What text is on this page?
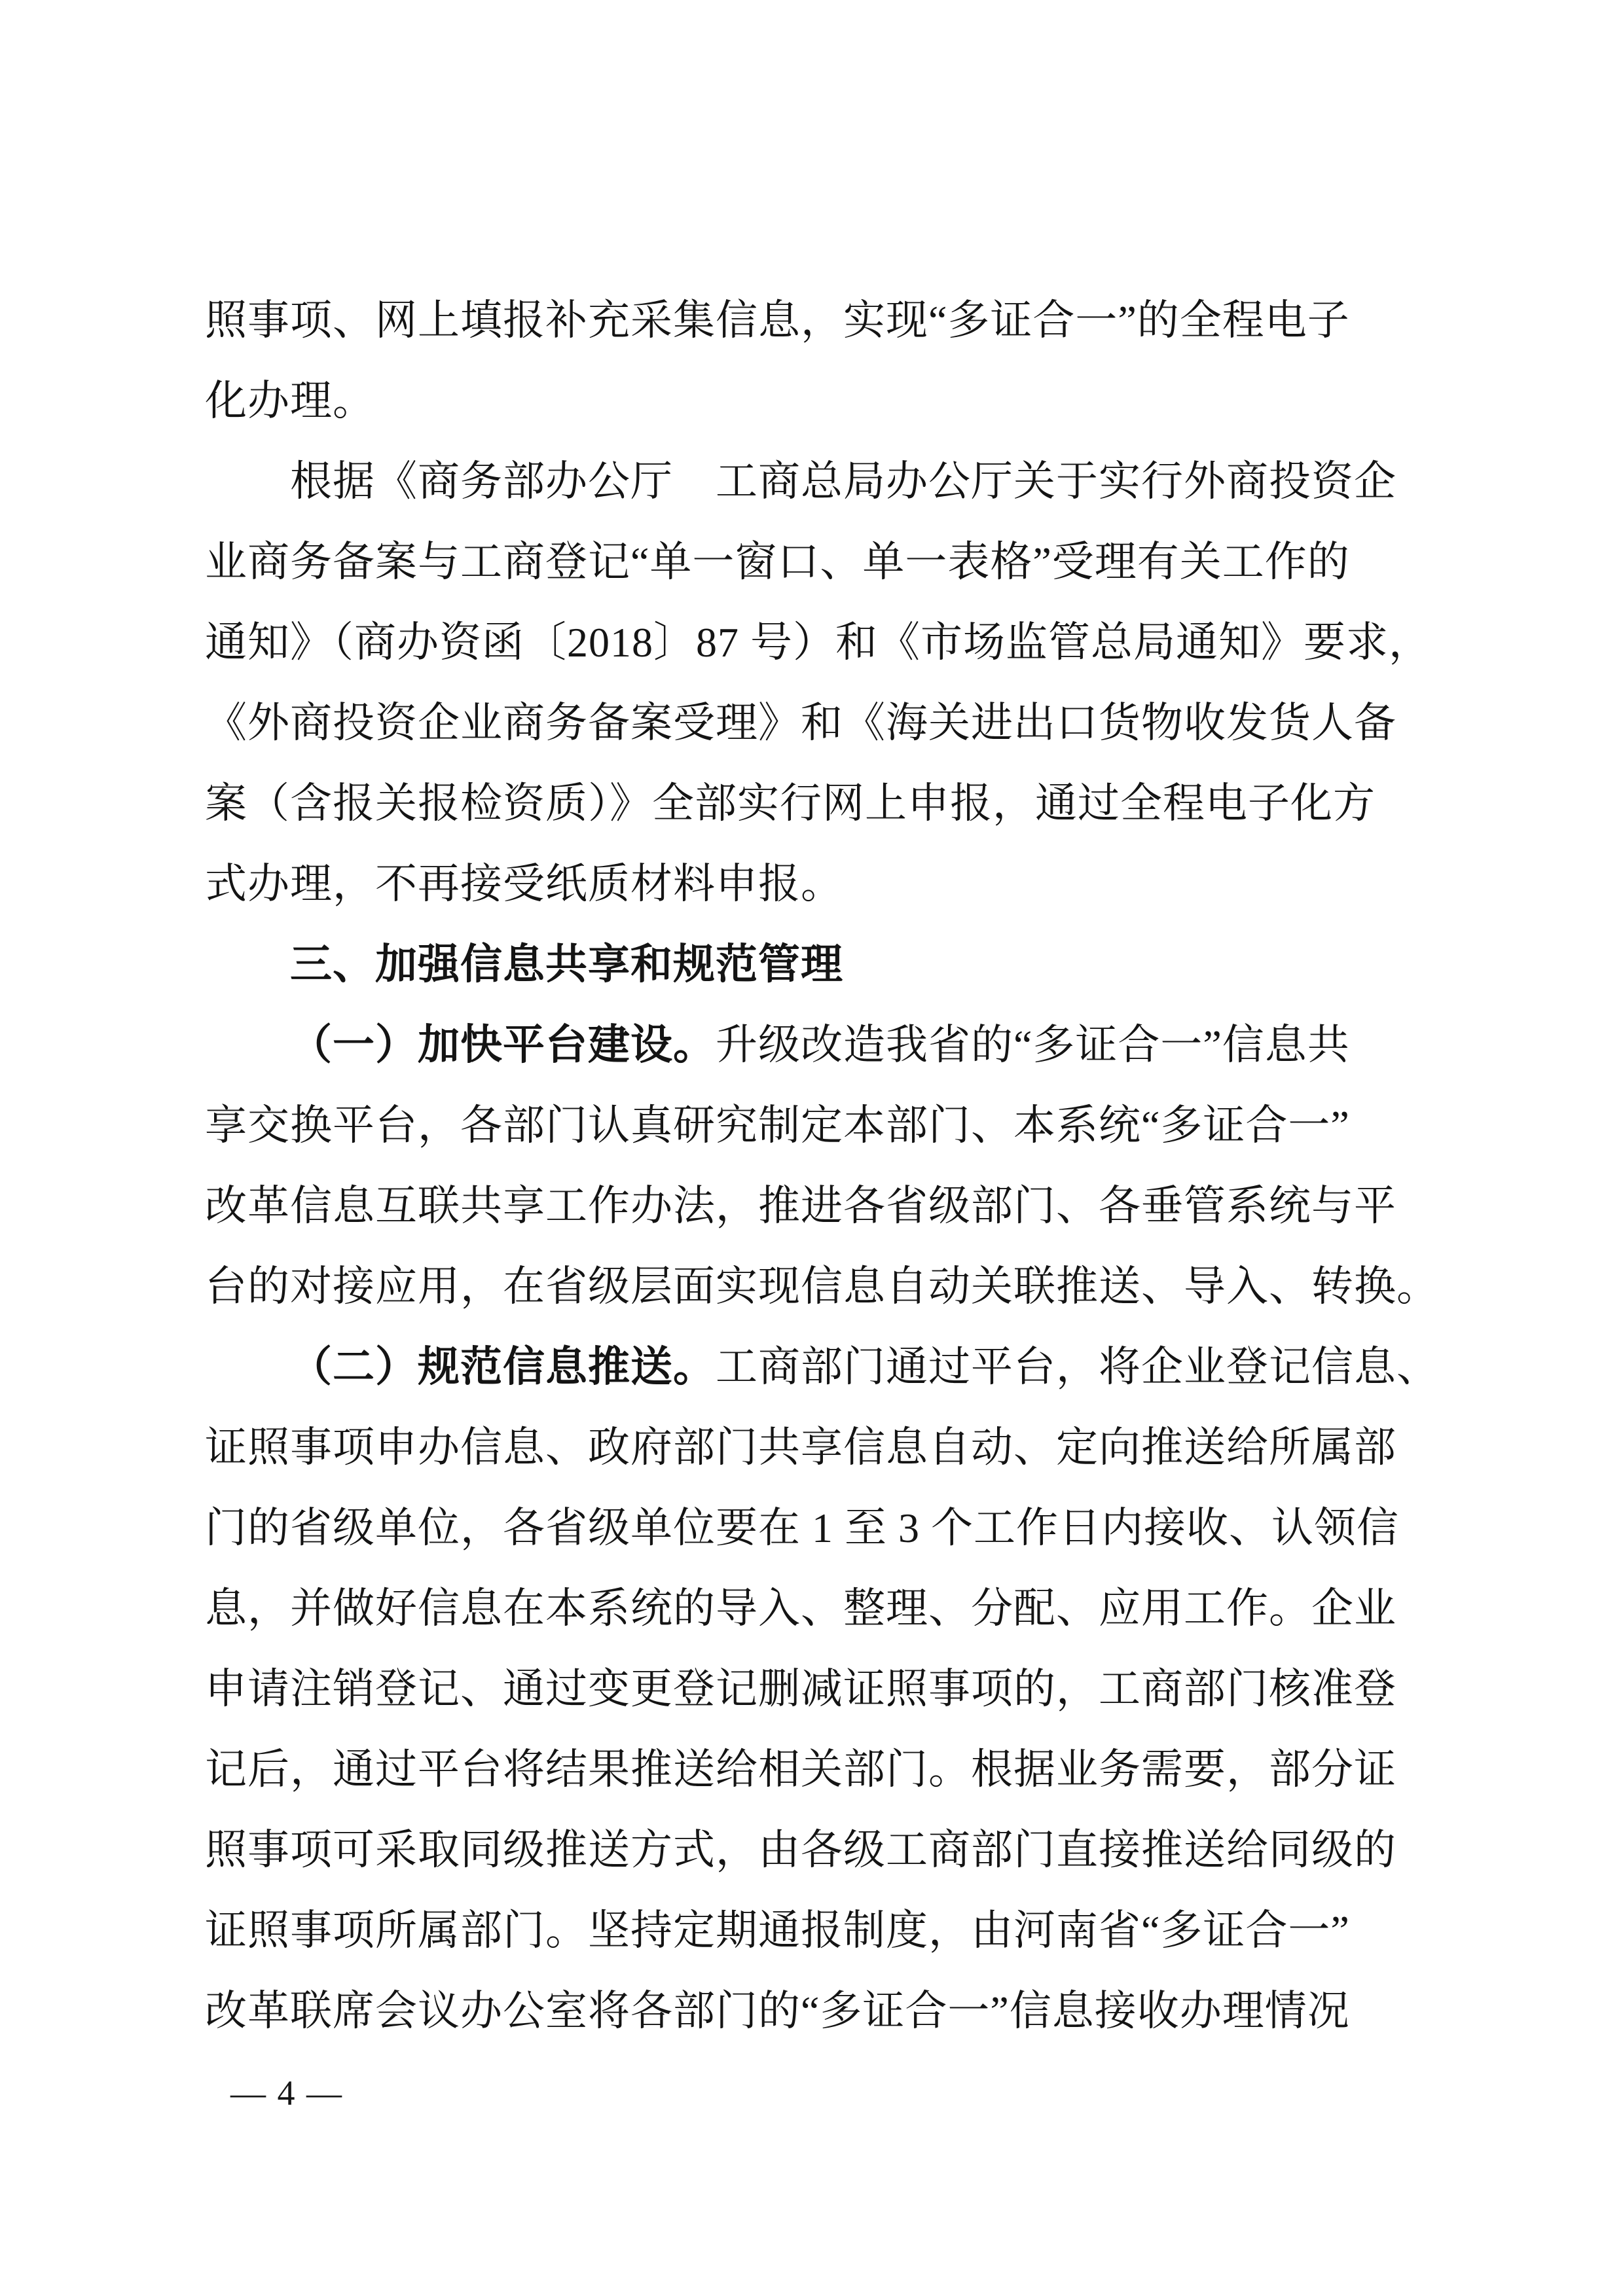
照事项、网上填报补充采集信息，实现“多证合一”的全程电子
化办理。
根据《商务部办公厅　工商总局办公厅关于实行外商投资企
业商务备案与工商登记“单一窗口、单一表格”受理有关工作的
通知》（商办资函〔2018〕87 号）和《市场监管总局通知》要求，
《外商投资企业商务备案受理》和《海关进出口货物收发货人备
案（含报关报检资质）》全部实行网上申报，通过全程电子化方
式办理，不再接受纸质材料申报。
三、加强信息共享和规范管理
（一）加快平台建设。升级改造我省的“多证合一”信息共
享交换平台，各部门认真研究制定本部门、本系统“多证合一”
改革信息互联共享工作办法，推进各省级部门、各垂管系统与平
台的对接应用，在省级层面实现信息自动关联推送、导入、转换。
（二）规范信息推送。工商部门通过平台，将企业登记信息、
证照事项申办信息、政府部门共享信息自动、定向推送给所属部
门的省级单位，各省级单位要在 1 至 3 个工作日内接收、认领信
息，并做好信息在本系统的导入、整理、分配、应用工作。企业
申请注销登记、通过变更登记删减证照事项的，工商部门核准登
记后，通过平台将结果推送给相关部门。根据业务需要，部分证
照事项可采取同级推送方式，由各级工商部门直接推送给同级的
证照事项所属部门。坚持定期通报制度，由河南省“多证合一”
改革联席会议办公室将各部门的“多证合一”信息接收办理情况
— 4 —
